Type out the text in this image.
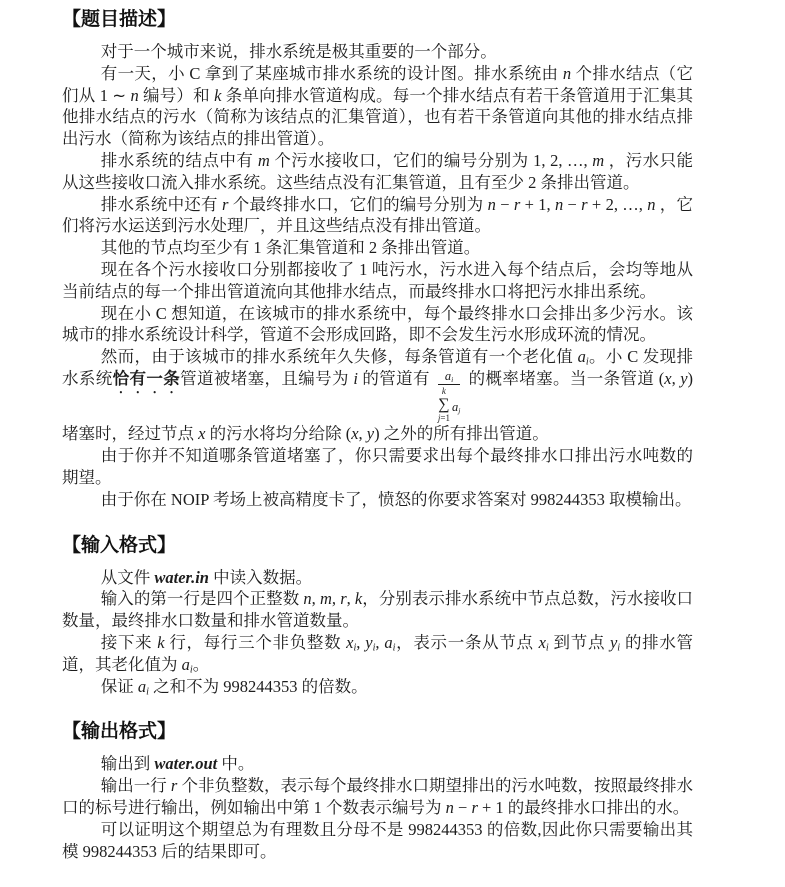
【题目描述】

对于一个城市来说，排水系统是极其重要的一个部分。

有一天，小 C 拿到了某座城市排水系统的设计图。排水系统由 n 个排水结点（它们从 1 ∼ n 编号）和 k 条单向排水管道构成。每一个排水结点有若干条管道用于汇集其他排水结点的污水（简称为该结点的汇集管道），也有若干条管道向其他的排水结点排出污水（简称为该结点的排出管道）。

排水系统的结点中有 m 个污水接收口，它们的编号分别为 1, 2, …, m ，污水只能从这些接收口流入排水系统。这些结点没有汇集管道，且有至少 2 条排出管道。

排水系统中还有 r 个最终排水口，它们的编号分别为 n − r + 1, n − r + 2, …, n ，它们将污水运送到污水处理厂，并且这些结点没有排出管道。

其他的节点均至少有 1 条汇集管道和 2 条排出管道。

现在各个污水接收口分别都接收了 1 吨污水，污水进入每个结点后，会均等地从当前结点的每一个排出管道流向其他排水结点，而最终排水口将把污水排出系统。

现在小 C 想知道，在该城市的排水系统中，每个最终排水口会排出多少污水。该城市的排水系统设计科学，管道不会形成回路，即不会发生污水形成环流的情况。

然而，由于该城市的排水系统年久失修，每条管道有一个老化值 $a_i$。小 C 发现排水系统恰有一条管道被堵塞，且编号为 i 的管道有 $a_i$
k
∑
j=1
$a_j$ 的概率堵塞。当一条管道 (x, y) 堵塞时，经过节点 x 的污水将均分给除 (x, y) 之外的所有排出管道。

由于你并不知道哪条管道堵塞了，你只需要求出每个最终排水口排出污水吨数的期望。

由于你在 NOIP 考场上被高精度卡了，愤怒的你要求答案对 998244353 取模输出。

【输入格式】

从文件 water.in 中读入数据。

输入的第一行是四个正整数 n, m, r, k，分别表示排水系统中节点总数，污水接收口数量，最终排水口数量和排水管道数量。

接下来 k 行，每行三个非负整数 $x_i$, $y_i$, $a_i$，表示一条从节点 $x_i$ 到节点 $y_i$ 的排水管道，其老化值为 $a_i$。

保证 $a_i$ 之和不为 998244353 的倍数。

【输出格式】

输出到 water.out 中。

输出一行 r 个非负整数，表示每个最终排水口期望排出的污水吨数，按照最终排水口的标号进行输出，例如输出中第 1 个数表示编号为 n − r + 1 的最终排水口排出的水。

可以证明这个期望总为有理数且分母不是 998244353 的倍数,因此你只需要输出其模 998244353 后的结果即可。
